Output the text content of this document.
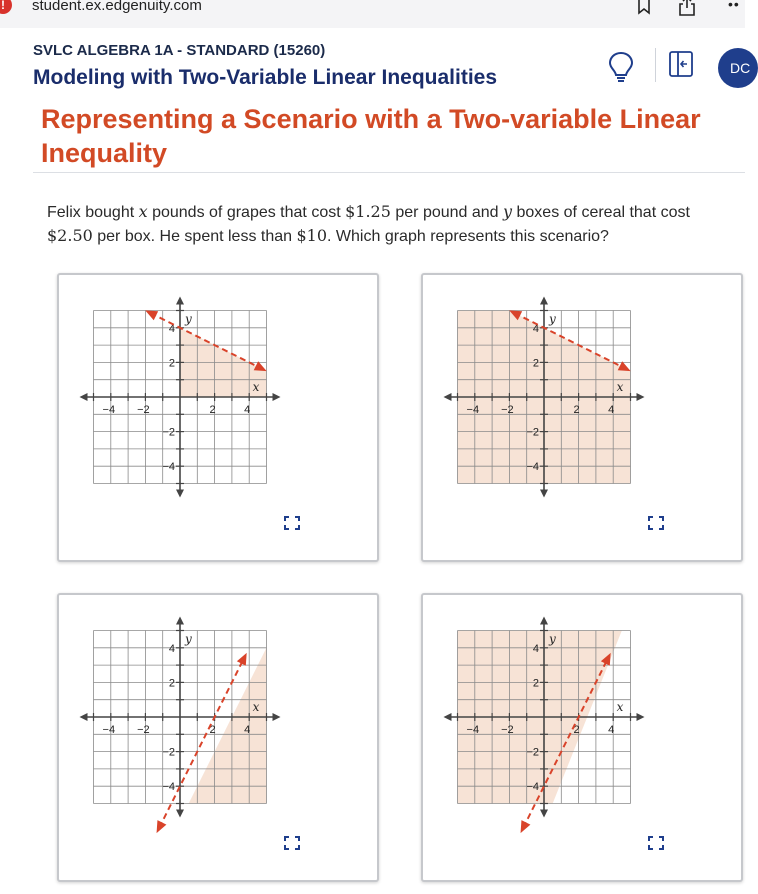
!	student.ex.edgenuity.com	••
SVLC ALGEBRA 1A - STANDARD (15260)
Modeling with Two-Variable Linear Inequalities	DC
Representing a Scenario with a Two-variable Linear Inequality
Felix bought x pounds of grapes that cost $1.25 per pound and y boxes of cereal that cost $2.50 per box. He spent less than $10. Which graph represents this scenario?
−4 −2	2	4
4
2
−2
−4
x
y
−4 −2	2	4
4
2
−2
−4
x
y
−4 −2	2	4
4
2
−2
−4
x
y
−4 −2	2	4
4
2
−2
−4
x
y
